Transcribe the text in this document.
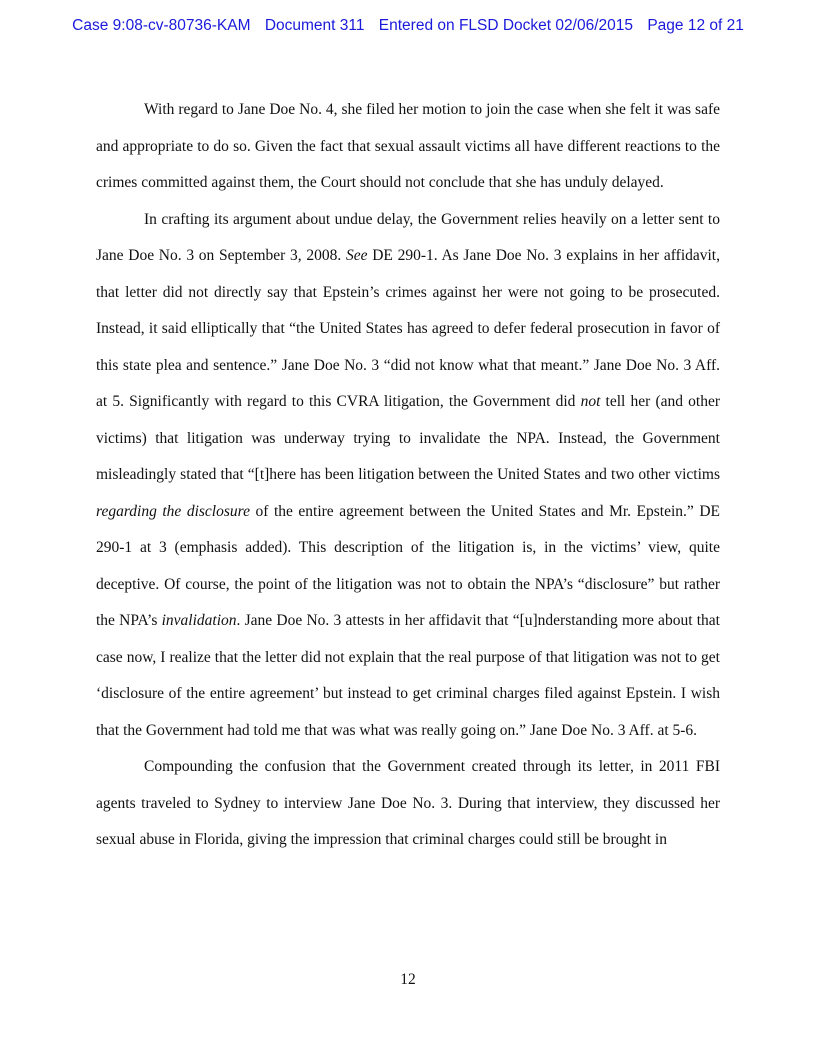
Case 9:08-cv-80736-KAM Document 311 Entered on FLSD Docket 02/06/2015 Page 12 of 21

With regard to Jane Doe No. 4, she filed her motion to join the case when she felt it was safe and appropriate to do so. Given the fact that sexual assault victims all have different reactions to the crimes committed against them, the Court should not conclude that she has unduly delayed.

In crafting its argument about undue delay, the Government relies heavily on a letter sent to Jane Doe No. 3 on September 3, 2008. See DE 290-1. As Jane Doe No. 3 explains in her affidavit, that letter did not directly say that Epstein’s crimes against her were not going to be prosecuted. Instead, it said elliptically that “the United States has agreed to defer federal prosecution in favor of this state plea and sentence.” Jane Doe No. 3 “did not know what that meant.” Jane Doe No. 3 Aff. at 5. Significantly with regard to this CVRA litigation, the Government did not tell her (and other victims) that litigation was underway trying to invalidate the NPA. Instead, the Government misleadingly stated that “[t]here has been litigation between the United States and two other victims regarding the disclosure of the entire agreement between the United States and Mr. Epstein.” DE 290-1 at 3 (emphasis added). This description of the litigation is, in the victims’ view, quite deceptive. Of course, the point of the litigation was not to obtain the NPA’s “disclosure” but rather the NPA’s invalidation. Jane Doe No. 3 attests in her affidavit that “[u]nderstanding more about that case now, I realize that the letter did not explain that the real purpose of that litigation was not to get ‘disclosure of the entire agreement’ but instead to get criminal charges filed against Epstein. I wish that the Government had told me that was what was really going on.” Jane Doe No. 3 Aff. at 5-6.

Compounding the confusion that the Government created through its letter, in 2011 FBI agents traveled to Sydney to interview Jane Doe No. 3. During that interview, they discussed her sexual abuse in Florida, giving the impression that criminal charges could still be brought in

12
